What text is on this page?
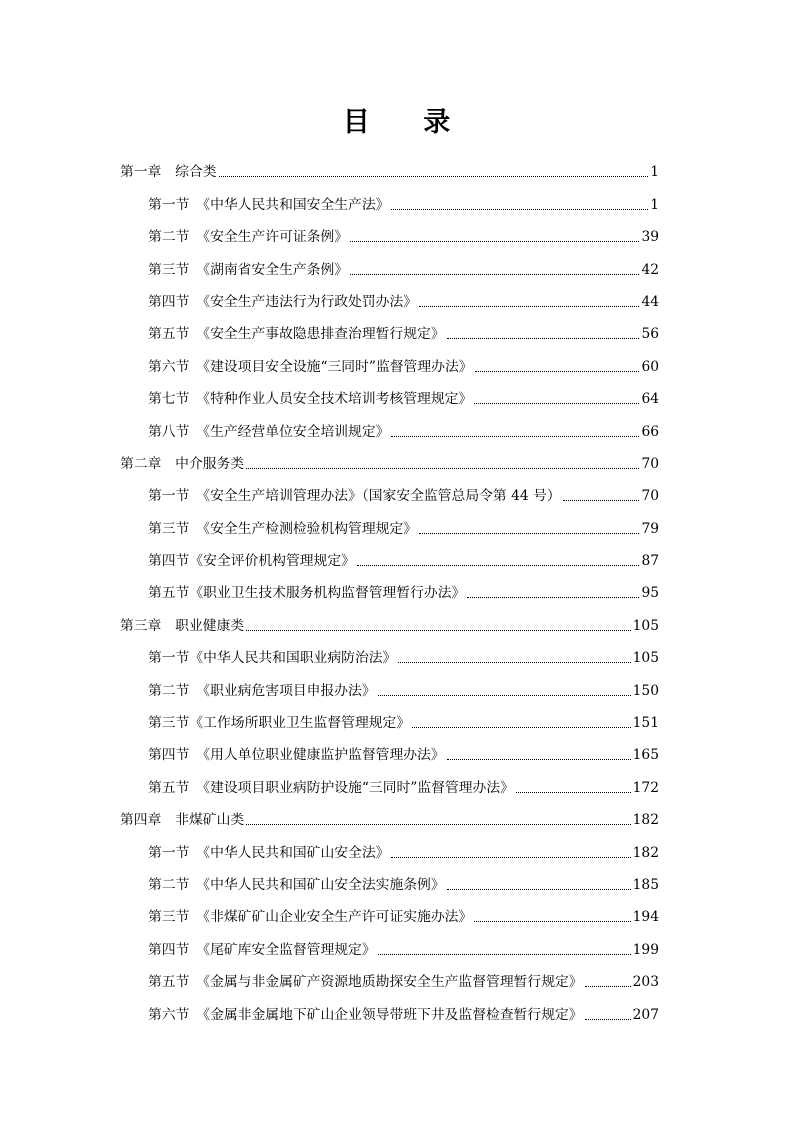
目 录
第一章　综合类	1
第一节　《中华人民共和国安全生产法》	1
第二节　《安全生产许可证条例》	39
第三节　《湖南省安全生产条例》	42
第四节　《安全生产违法行为行政处罚办法》	44
第五节　《安全生产事故隐患排查治理暂行规定》	56
第六节　《建设项目安全设施“三同时”监督管理办法》	60
第七节　《特种作业人员安全技术培训考核管理规定》	64
第八节　《生产经营单位安全培训规定》	66
第二章　中介服务类	70
第一节　《安全生产培训管理办法》（国家安全监管总局令第 44 号）	70
第三节　《安全生产检测检验机构管理规定》	79
第四节《安全评价机构管理规定》	87
第五节《职业卫生技术服务机构监督管理暂行办法》	95
第三章　职业健康类	105
第一节《中华人民共和国职业病防治法》	105
第二节　《职业病危害项目申报办法》	150
第三节《工作场所职业卫生监督管理规定》	151
第四节　《用人单位职业健康监护监督管理办法》	165
第五节　《建设项目职业病防护设施“三同时”监督管理办法》	172
第四章　非煤矿山类	182
第一节　《中华人民共和国矿山安全法》	182
第二节　《中华人民共和国矿山安全法实施条例》	185
第三节　《非煤矿矿山企业安全生产许可证实施办法》	194
第四节　《尾矿库安全监督管理规定》	199
第五节　《金属与非金属矿产资源地质勘探安全生产监督管理暂行规定》	203
第六节　《金属非金属地下矿山企业领导带班下井及监督检查暂行规定》	207
